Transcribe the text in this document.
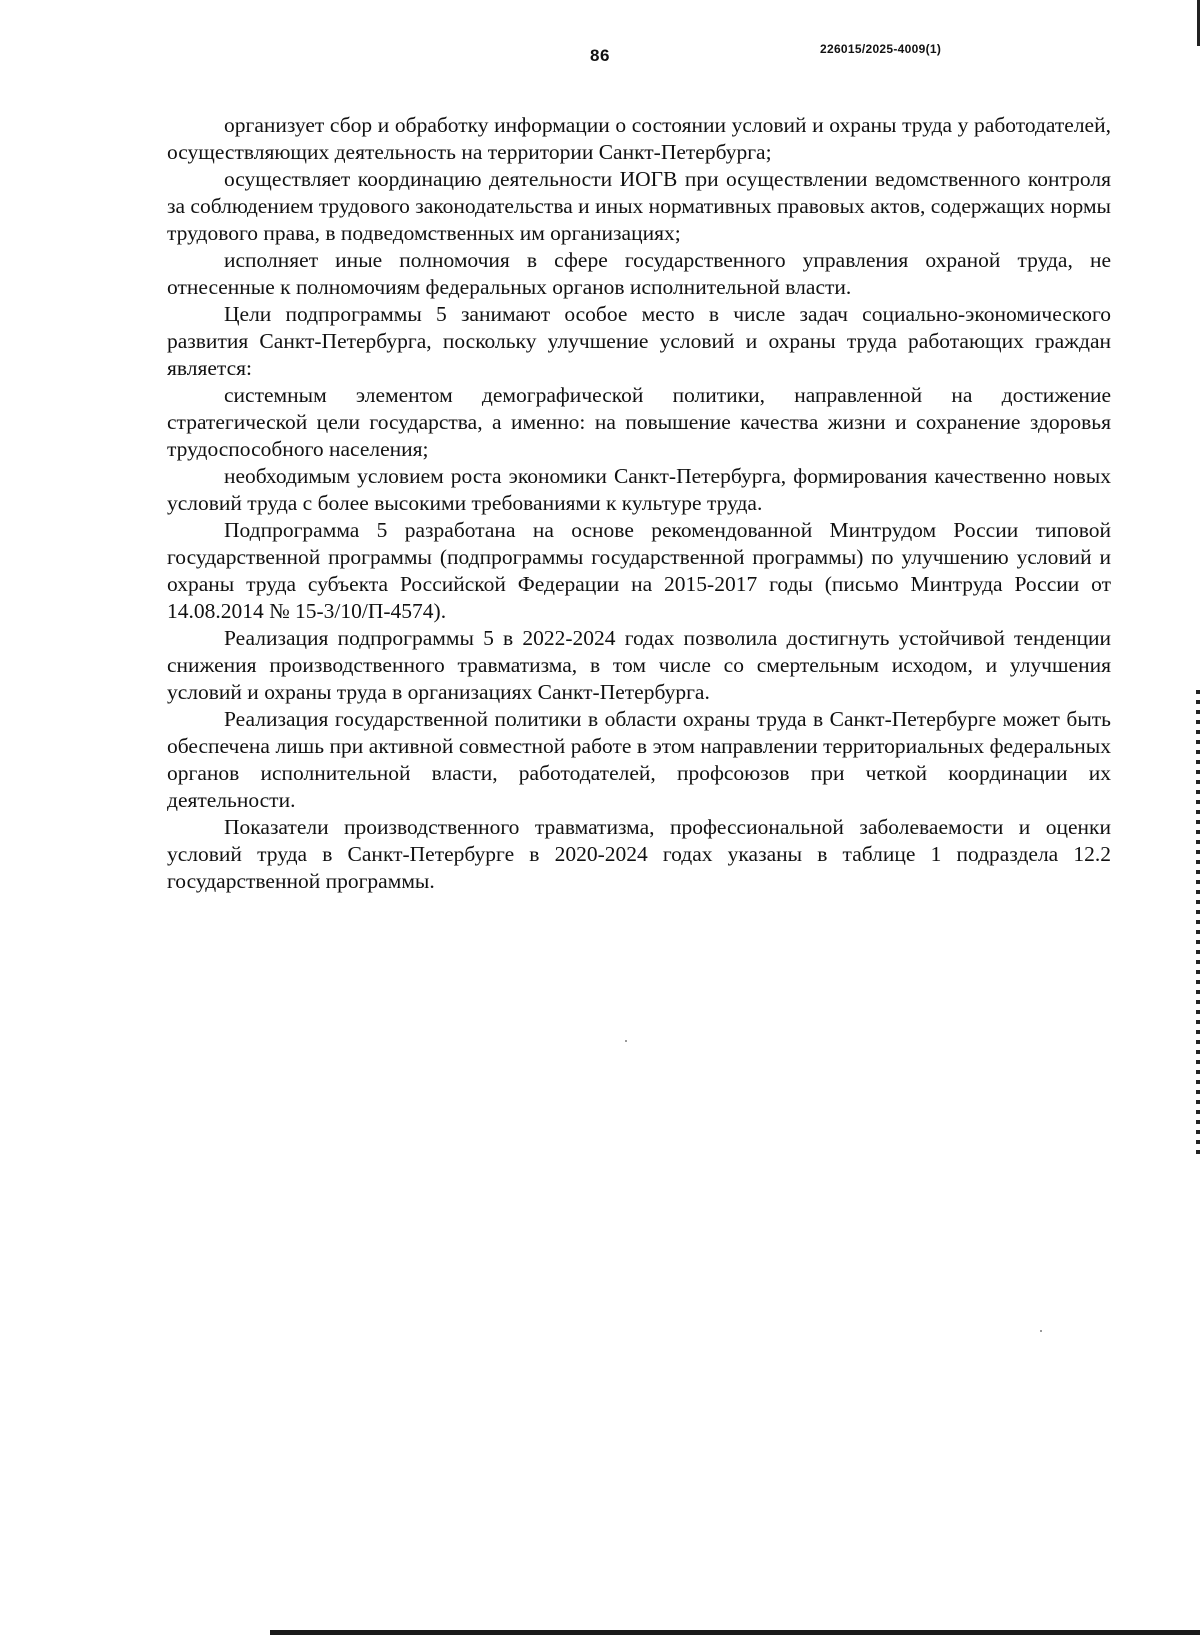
86	226015/2025-4009(1)

организует сбор и обработку информации о состоянии условий и охраны труда у работодателей, осуществляющих деятельность на территории Санкт-Петербурга;

осуществляет координацию деятельности ИОГВ при осуществлении ведомственного контроля за соблюдением трудового законодательства и иных нормативных правовых актов, содержащих нормы трудового права, в подведомственных им организациях;

исполняет иные полномочия в сфере государственного управления охраной труда, не отнесенные к полномочиям федеральных органов исполнительной власти.

Цели подпрограммы 5 занимают особое место в числе задач социально-экономического развития Санкт-Петербурга, поскольку улучшение условий и охраны труда работающих граждан является:

системным элементом демографической политики, направленной на достижение стратегической цели государства, а именно: на повышение качества жизни и сохранение здоровья трудоспособного населения;

необходимым условием роста экономики Санкт-Петербурга, формирования качественно новых условий труда с более высокими требованиями к культуре труда.

Подпрограмма 5 разработана на основе рекомендованной Минтрудом России типовой государственной программы (подпрограммы государственной программы) по улучшению условий и охраны труда субъекта Российской Федерации на 2015-2017 годы (письмо Минтруда России от 14.08.2014 № 15-3/10/П-4574).

Реализация подпрограммы 5 в 2022-2024 годах позволила достигнуть устойчивой тенденции снижения производственного травматизма, в том числе со смертельным исходом, и улучшения условий и охраны труда в организациях Санкт-Петербурга.

Реализация государственной политики в области охраны труда в Санкт-Петербурге может быть обеспечена лишь при активной совместной работе в этом направлении территориальных федеральных органов исполнительной власти, работодателей, профсоюзов при четкой координации их деятельности.

Показатели производственного травматизма, профессиональной заболеваемости и оценки условий труда в Санкт-Петербурге в 2020-2024 годах указаны в таблице 1 подраздела 12.2 государственной программы.
